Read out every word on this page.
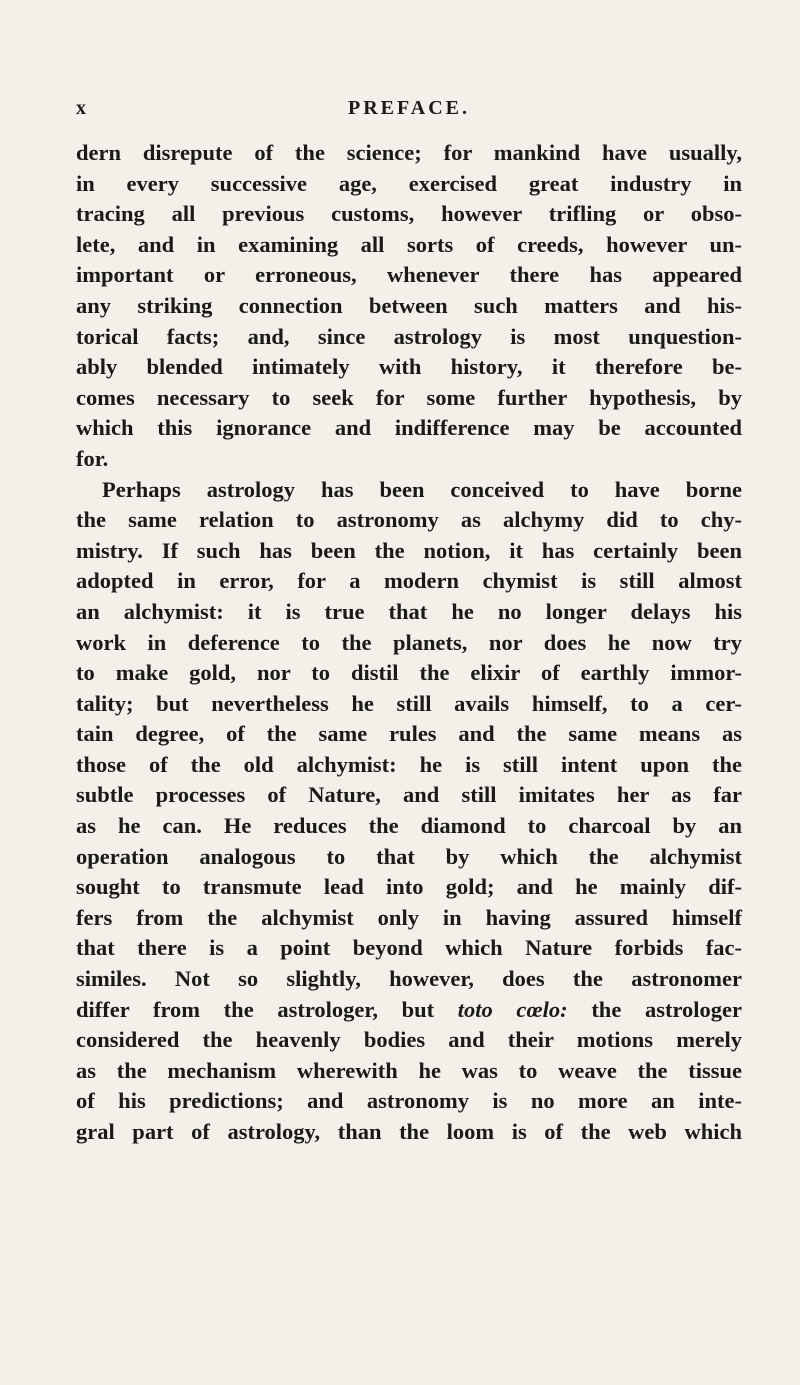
x	PREFACE.
dern disrepute of the science; for mankind have usually,
in every successive age, exercised great industry in
tracing all previous customs, however trifling or obso-
lete, and in examining all sorts of creeds, however un-
important or erroneous, whenever there has appeared
any striking connection between such matters and his-
torical facts; and, since astrology is most unquestion-
ably blended intimately with history, it therefore be-
comes necessary to seek for some further hypothesis, by
which this ignorance and indifference may be accounted
for.
Perhaps astrology has been conceived to have borne
the same relation to astronomy as alchymy did to chy-
mistry. If such has been the notion, it has certainly been
adopted in error, for a modern chymist is still almost
an alchymist: it is true that he no longer delays his
work in deference to the planets, nor does he now try
to make gold, nor to distil the elixir of earthly immor-
tality; but nevertheless he still avails himself, to a cer-
tain degree, of the same rules and the same means as
those of the old alchymist: he is still intent upon the
subtle processes of Nature, and still imitates her as far
as he can. He reduces the diamond to charcoal by an
operation analogous to that by which the alchymist
sought to transmute lead into gold; and he mainly dif-
fers from the alchymist only in having assured himself
that there is a point beyond which Nature forbids fac-
similes. Not so slightly, however, does the astronomer
differ from the astrologer, but toto cœlo: the astrologer
considered the heavenly bodies and their motions merely
as the mechanism wherewith he was to weave the tissue
of his predictions; and astronomy is no more an inte-
gral part of astrology, than the loom is of the web which
